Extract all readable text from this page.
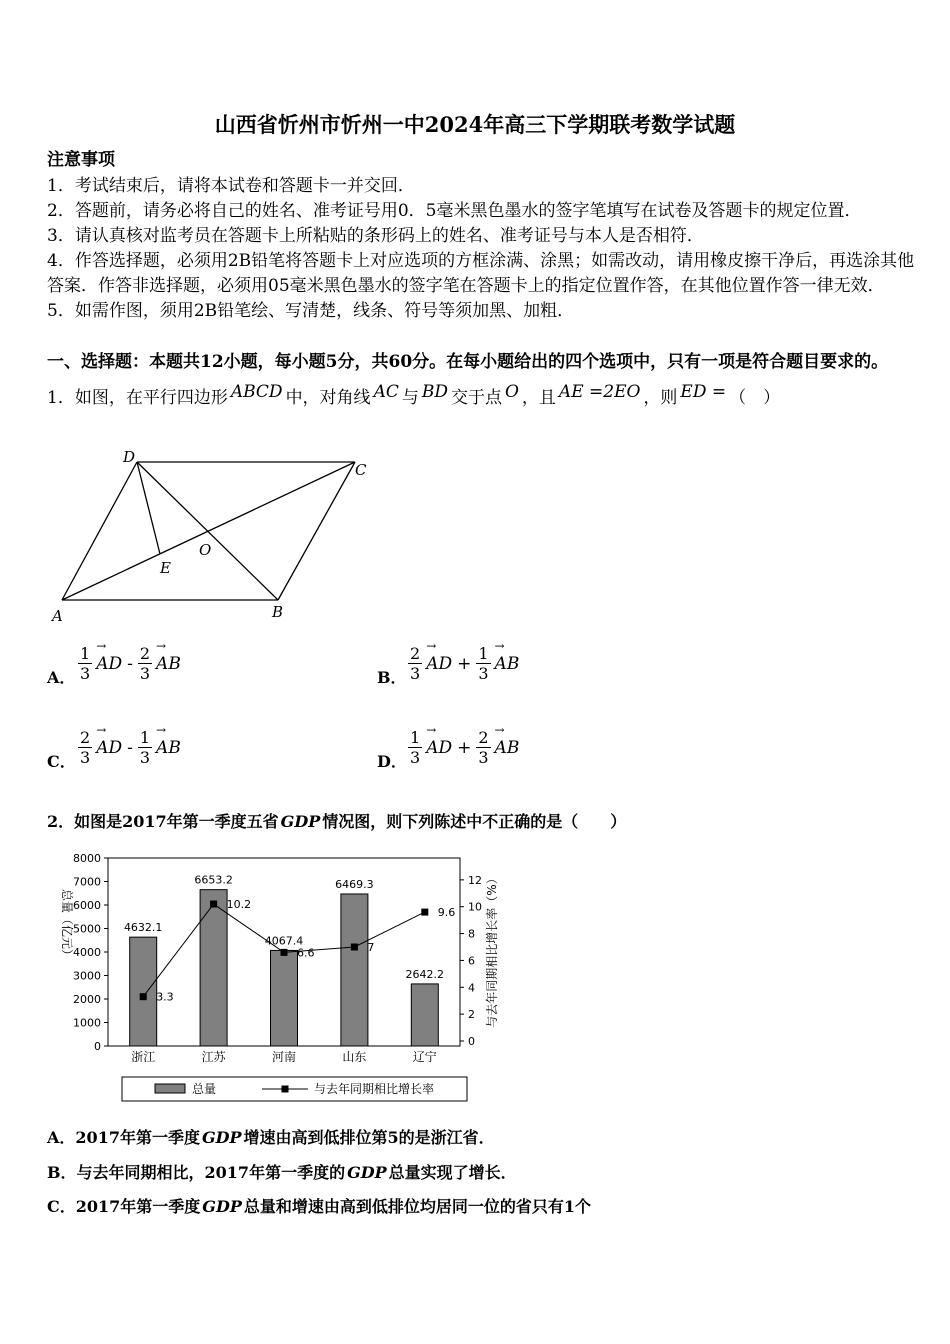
山西省忻州市忻州一中2024年高三下学期联考数学试题
注意事项
1．考试结束后，请将本试卷和答题卡一并交回．
2．答题前，请务必将自己的姓名、准考证号用0．5毫米黑色墨水的签字笔填写在试卷及答题卡的规定位置．
3．请认真核对监考员在答题卡上所粘贴的条形码上的姓名、准考证号与本人是否相符．
4．作答选择题，必须用2B铅笔将答题卡上对应选项的方框涂满、涂黑；如需改动，请用橡皮擦干净后，再选涂其他
答案．作答非选择题，必须用05毫米黑色墨水的签字笔在答题卡上的指定位置作答，在其他位置作答一律无效．
5．如需作图，须用2B铅笔绘、写清楚，线条、符号等须加黑、加粗．
一、选择题：本题共12小题，每小题5分，共60分。在每小题给出的四个选项中，只有一项是符合题目要求的。
1．如图，在平行四边形 ABCD 中，对角线 AC 与 BD 交于点 O ，且 AE =2EO ，则 ED = （　）
D
C
O
E
A	B
A． $\frac{1}{3}$ → AD - $\frac{2}{3}$ → AB
B． $\frac{2}{3}$ → AD + $\frac{1}{3}$ → AB
C． $\frac{2}{3}$ → AD - $\frac{1}{3}$ → AB
D． $\frac{1}{3}$ → AD + $\frac{2}{3}$ → AB
2．如图是2017年第一季度五省 GDP 情况图，则下列陈述中不正确的是（　　）
4632.1
6653.2
4067.4
6469.3
2642.2
0
1000
2000
3000
4000
5000
6000
7000
8000
0
2
4
6
8
10
12
浙江	江苏	河南	山东	辽宁
3.3
10.2
6.6	7
9.6
总量（亿元）	与去年同期相比增长率（%）
总量	与去年同期相比增长率
A．2017年第一季度 GDP 增速由高到低排位第5的是浙江省．
B．与去年同期相比，2017年第一季度的 GDP 总量实现了增长．
C．2017年第一季度 GDP 总量和增速由高到低排位均居同一位的省只有1个
